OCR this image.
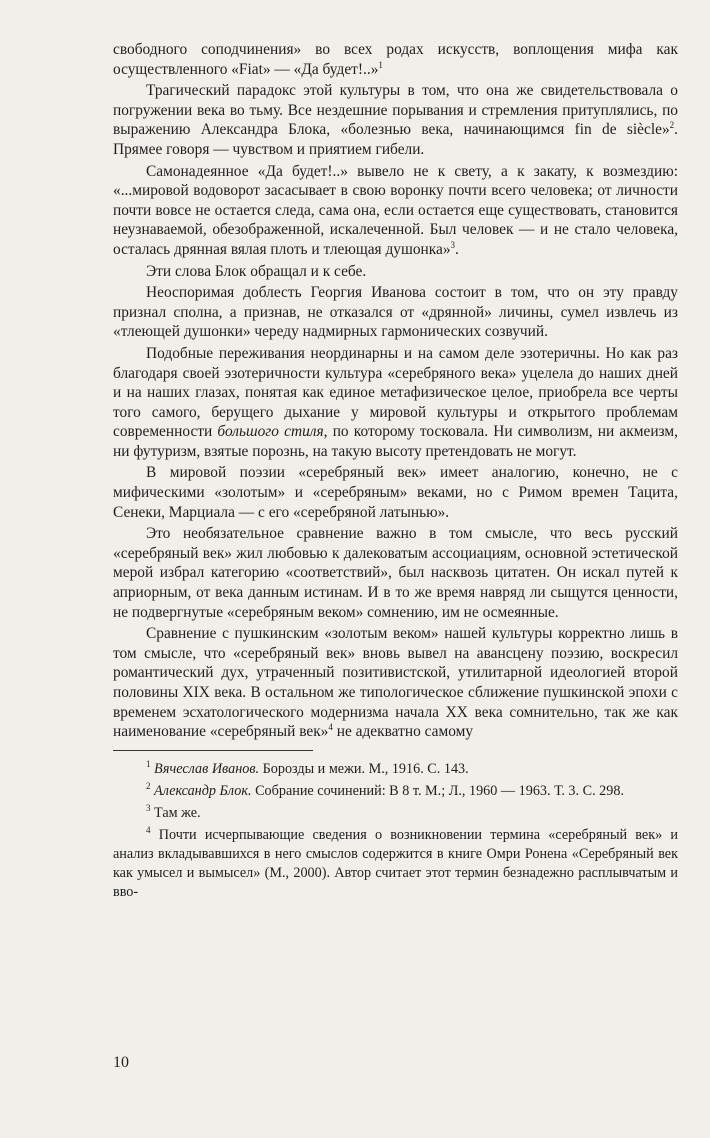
свободного соподчинения» во всех родах искусств, воплощения мифа как осуществленного «Fiat» — «Да будет!..»$^1$

Трагический парадокс этой культуры в том, что она же свидетельствовала о погружении века во тьму. Все нездешние порывания и стремления притуплялись, по выражению Александра Блока, «болезнью века, начинающимся fin de siècle»$^2$. Прямее говоря — чувством и приятием гибели.

Самонадеянное «Да будет!..» вывело не к свету, а к закату, к возмездию: «...мировой водоворот засасывает в свою воронку почти всего человека; от личности почти вовсе не остается следа, сама она, если остается еще существовать, становится неузнаваемой, обезображенной, искалеченной. Был человек — и не стало человека, осталась дрянная вялая плоть и тлеющая душонка»$^3$.

Эти слова Блок обращал и к себе.

Неоспоримая доблесть Георгия Иванова состоит в том, что он эту правду признал сполна, а признав, не отказался от «дрянной» личины, сумел извлечь из «тлеющей душонки» череду надмирных гармонических созвучий.

Подобные переживания неординарны и на самом деле эзотеричны. Но как раз благодаря своей эзотеричности культура «серебряного века» уцелела до наших дней и на наших глазах, понятая как единое метафизическое целое, приобрела все черты того самого, берущего дыхание у мировой культуры и открытого проблемам современности большого стиля, по которому тосковала. Ни символизм, ни акмеизм, ни футуризм, взятые порознь, на такую высоту претендовать не могут.

В мировой поэзии «серебряный век» имеет аналогию, конечно, не с мифическими «золотым» и «серебряным» веками, но с Римом времен Тацита, Сенеки, Марциала — с его «серебряной латынью».

Это необязательное сравнение важно в том смысле, что весь русский «серебряный век» жил любовью к далековатым ассоциациям, основной эстетической мерой избрал категорию «соответствий», был насквозь цитатен. Он искал путей к априорным, от века данным истинам. И в то же время навряд ли сыщутся ценности, не подвергнутые «серебряным веком» сомнению, им не осмеянные.

Сравнение с пушкинским «золотым веком» нашей культуры корректно лишь в том смысле, что «серебряный век» вновь вывел на авансцену поэзию, воскресил романтический дух, утраченный позитивистской, утилитарной идеологией второй половины XIX века. В остальном же типологическое сближение пушкинской эпохи с временем эсхатологического модернизма начала XX века сомнительно, так же как наименование «серебряный век»$^4$ не адекватно самому

$^1$ Вячеслав Иванов. Борозды и межи. М., 1916. С. 143.

$^2$ Александр Блок. Собрание сочинений: В 8 т. М.; Л., 1960 — 1963. Т. 3. С. 298.

$^3$ Там же.

$^4$ Почти исчерпывающие сведения о возникновении термина «серебряный век» и анализ вкладывавшихся в него смыслов содержится в книге Омри Ронена «Серебряный век как умысел и вымысел» (М., 2000). Автор считает этот термин безнадежно расплывчатым и вво-

10
